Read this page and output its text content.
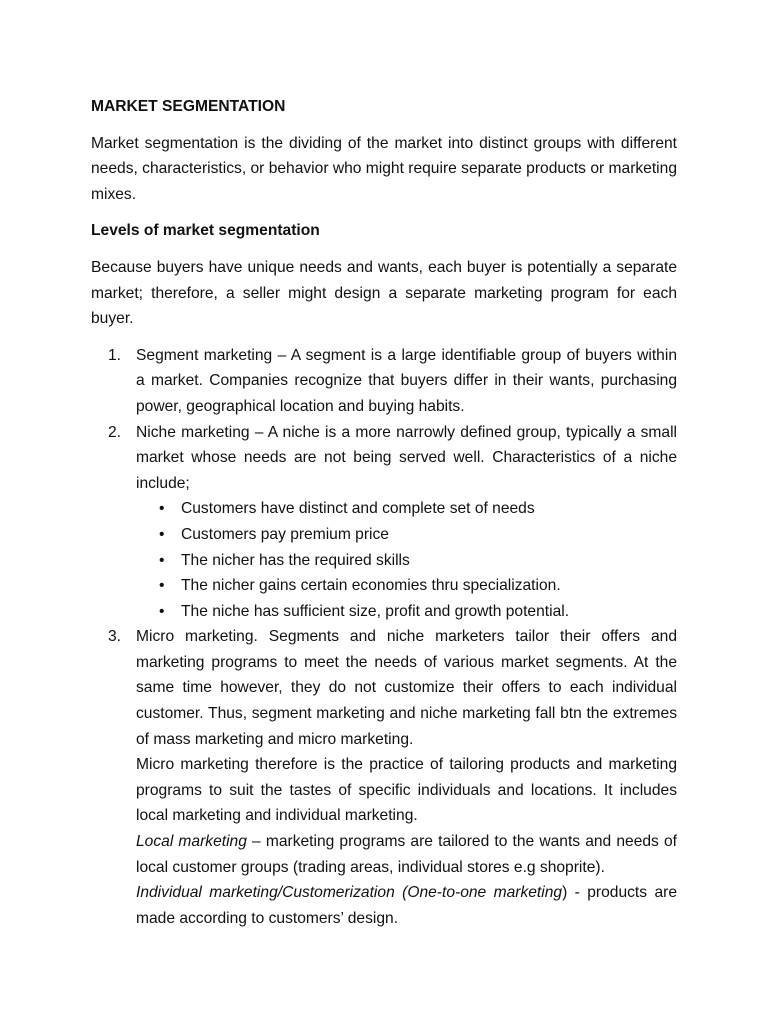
MARKET SEGMENTATION

Market segmentation is the dividing of the market into distinct groups with different needs, characteristics, or behavior who might require separate products or marketing mixes.

Levels of market segmentation

Because buyers have unique needs and wants, each buyer is potentially a separate market; therefore, a seller might design a separate marketing program for each buyer.

1. Segment marketing – A segment is a large identifiable group of buyers within a market. Companies recognize that buyers differ in their wants, purchasing power, geographical location and buying habits.
2. Niche marketing – A niche is a more narrowly defined group, typically a small market whose needs are not being served well. Characteristics of a niche include;
• Customers have distinct and complete set of needs
• Customers pay premium price
• The nicher has the required skills
• The nicher gains certain economies thru specialization.
• The niche has sufficient size, profit and growth potential.
3. Micro marketing. Segments and niche marketers tailor their offers and marketing programs to meet the needs of various market segments. At the same time however, they do not customize their offers to each individual customer. Thus, segment marketing and niche marketing fall btn the extremes of mass marketing and micro marketing.
Micro marketing therefore is the practice of tailoring products and marketing programs to suit the tastes of specific individuals and locations. It includes local marketing and individual marketing.
Local marketing – marketing programs are tailored to the wants and needs of local customer groups (trading areas, individual stores e.g shoprite).
Individual marketing/Customerization (One-to-one marketing) - products are made according to customers’ design.
